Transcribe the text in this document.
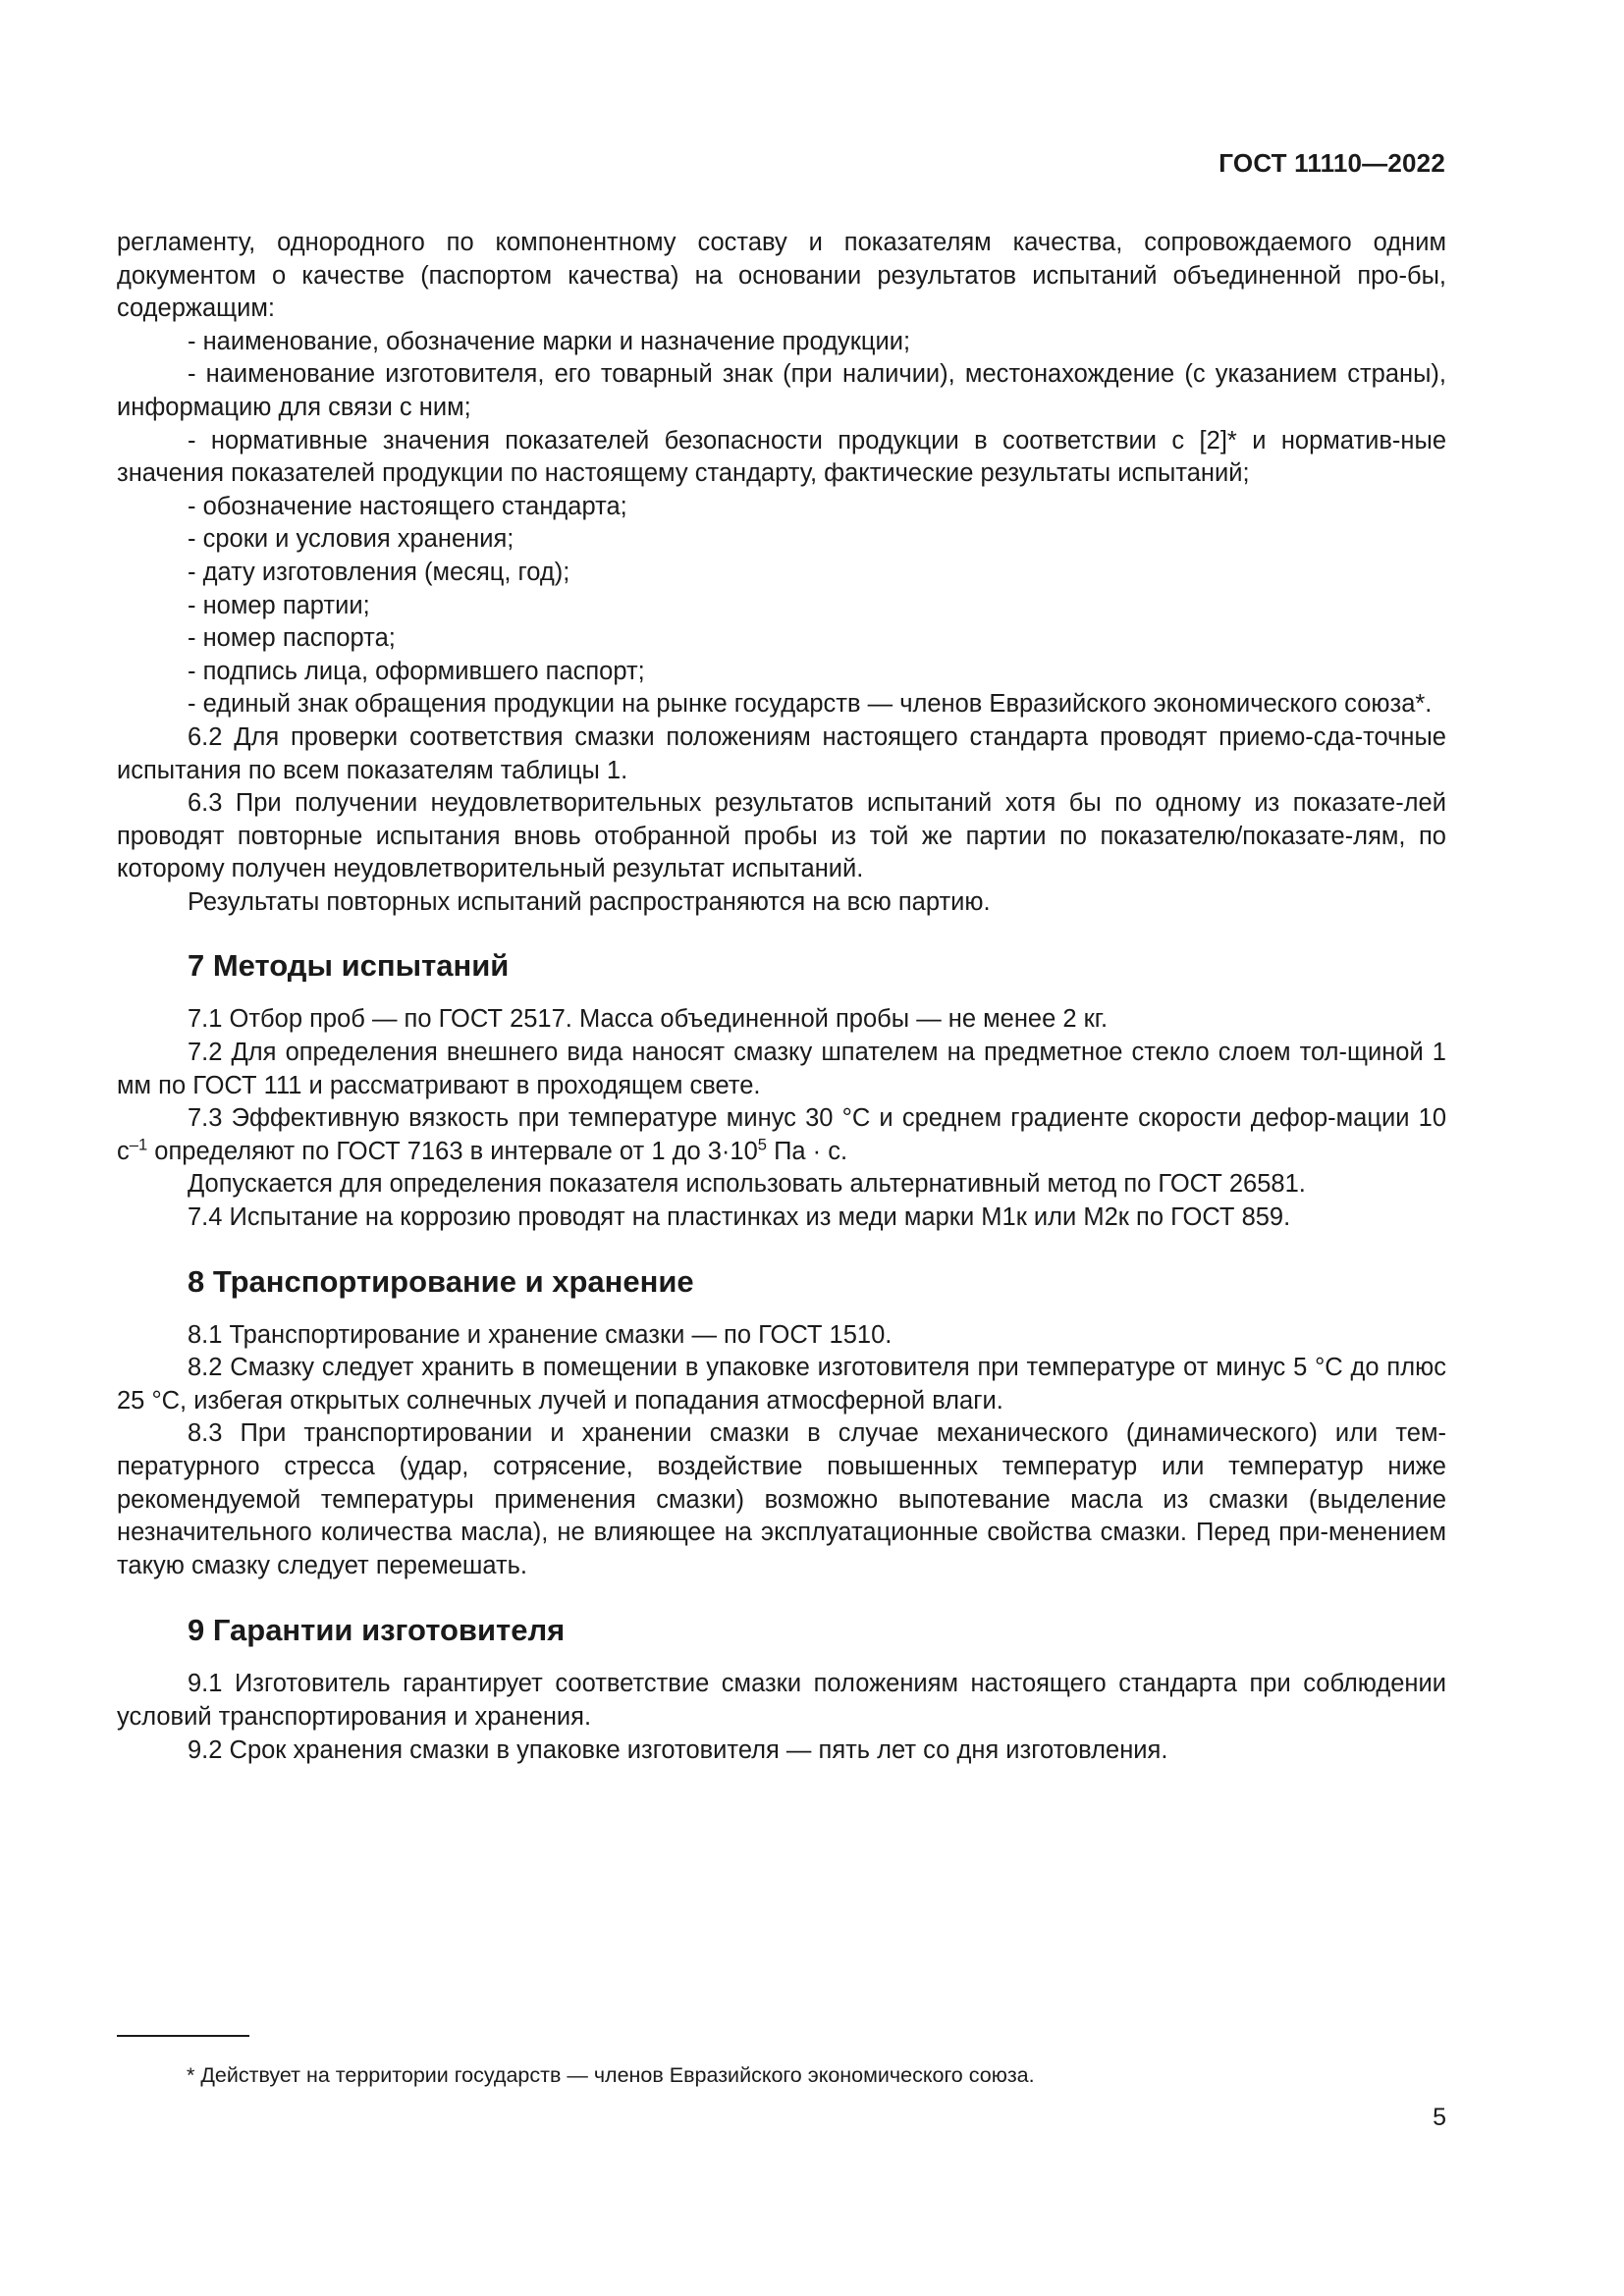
ГОСТ 11110—2022

регламенту, однородного по компонентному составу и показателям качества, сопровождаемого одним документом о качестве (паспортом качества) на основании результатов испытаний объединенной про-бы, содержащим:

- наименование, обозначение марки и назначение продукции;

- наименование изготовителя, его товарный знак (при наличии), местонахождение (с указанием страны), информацию для связи с ним;

- нормативные значения показателей безопасности продукции в соответствии с [2]* и норматив-ные значения показателей продукции по настоящему стандарту, фактические результаты испытаний;

- обозначение настоящего стандарта;

- сроки и условия хранения;

- дату изготовления (месяц, год);

- номер партии;

- номер паспорта;

- подпись лица, оформившего паспорт;

- единый знак обращения продукции на рынке государств — членов Евразийского экономического союза*.

6.2 Для проверки соответствия смазки положениям настоящего стандарта проводят приемо-сда-точные испытания по всем показателям таблицы 1.

6.3 При получении неудовлетворительных результатов испытаний хотя бы по одному из показате-лей проводят повторные испытания вновь отобранной пробы из той же партии по показателю/показате-лям, по которому получен неудовлетворительный результат испытаний.

Результаты повторных испытаний распространяются на всю партию.

7 Методы испытаний

7.1 Отбор проб — по ГОСТ 2517. Масса объединенной пробы — не менее 2 кг.

7.2 Для определения внешнего вида наносят смазку шпателем на предметное стекло слоем тол-щиной 1 мм по ГОСТ 111 и рассматривают в проходящем свете.

7.3 Эффективную вязкость при температуре минус 30 °С и среднем градиенте скорости дефор-мации 10 $с^{-1}$ определяют по ГОСТ 7163 в интервале от 1 до $3\cdot 10^5$ Па · с.

Допускается для определения показателя использовать альтернативный метод по ГОСТ 26581.

7.4 Испытание на коррозию проводят на пластинках из меди марки М1к или М2к по ГОСТ 859.

8 Транспортирование и хранение

8.1 Транспортирование и хранение смазки — по ГОСТ 1510.

8.2 Смазку следует хранить в помещении в упаковке изготовителя при температуре от минус 5 °С до плюс 25 °С, избегая открытых солнечных лучей и попадания атмосферной влаги.

8.3 При транспортировании и хранении смазки в случае механического (динамического) или тем-пературного стресса (удар, сотрясение, воздействие повышенных температур или температур ниже рекомендуемой температуры применения смазки) возможно выпотевание масла из смазки (выделение незначительного количества масла), не влияющее на эксплуатационные свойства смазки. Перед при-менением такую смазку следует перемешать.

9 Гарантии изготовителя

9.1 Изготовитель гарантирует соответствие смазки положениям настоящего стандарта при соблюдении условий транспортирования и хранения.

9.2 Срок хранения смазки в упаковке изготовителя — пять лет со дня изготовления.

* Действует на территории государств — членов Евразийского экономического союза.
5
